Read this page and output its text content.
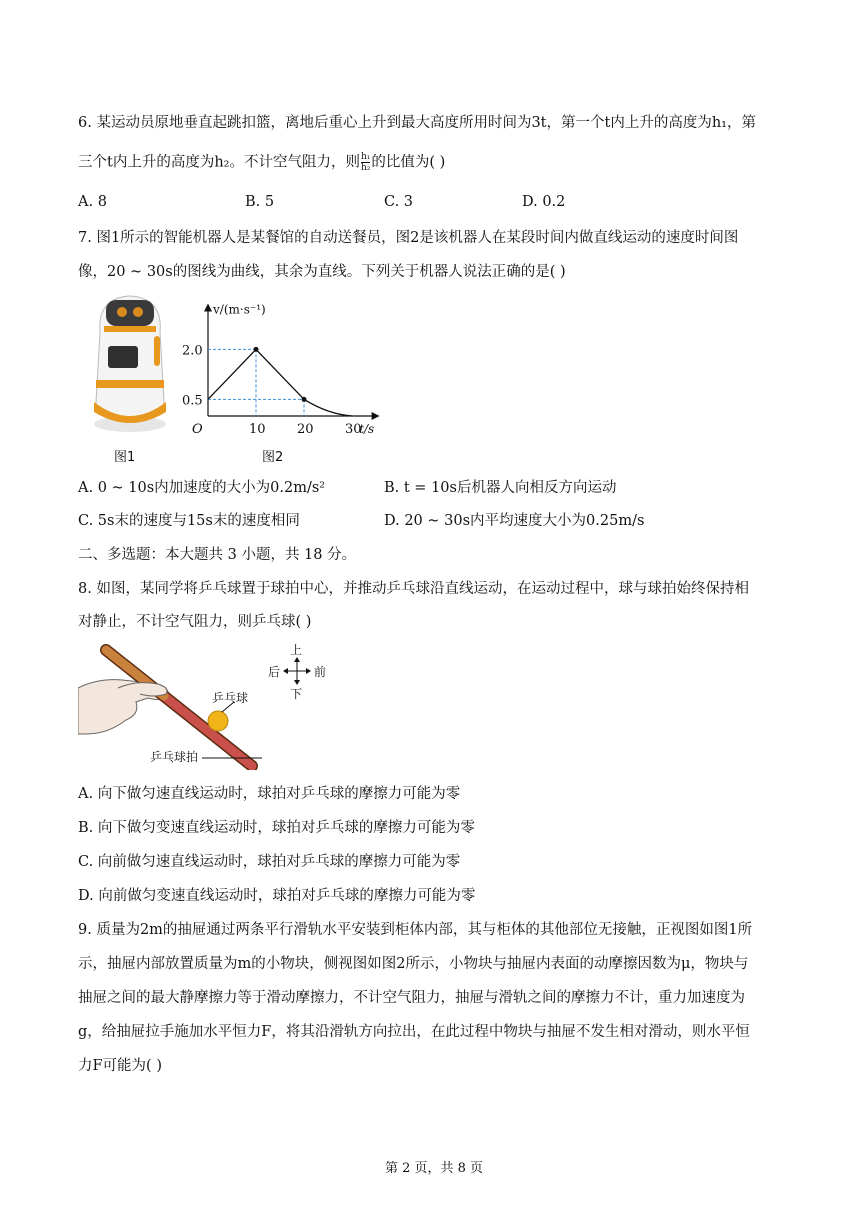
6. 某运动员原地垂直起跳扣篮，离地后重心上升到最大高度所用时间为3t，第一个t内上升的高度为h₁，第
三个t内上升的高度为h₂。不计空气阻力，则 $\frac{\text{h₁}}{\text{h₂}}$ 的比值为( )
A. 8	B. 5	C. 3	D. 0.2
7. 图1所示的智能机器人是某餐馆的自动送餐员，图2是该机器人在某段时间内做直线运动的速度时间图
像，20 ~ 30s的图线为曲线，其余为直线。下列关于机器人说法正确的是( )
图1
10 20 30
0.5
2.0
O
v/(m·s⁻¹)
t/s
图2
A. 0 ~ 10s内加速度的大小为0.2m/s²	B. t = 10s后机器人向相反方向运动
C. 5s末的速度与15s末的速度相同	D. 20 ~ 30s内平均速度大小为0.25m/s
二、多选题：本大题共 3 小题，共 18 分。
8. 如图，某同学将乒乓球置于球拍中心，并推动乒乓球沿直线运动，在运动过程中，球与球拍始终保持相
对静止，不计空气阻力，则乒乓球( )
乒乓球
乒乓球拍
上
后	前
下
A. 向下做匀速直线运动时，球拍对乒乓球的摩擦力可能为零
B. 向下做匀变速直线运动时，球拍对乒乓球的摩擦力可能为零
C. 向前做匀速直线运动时，球拍对乒乓球的摩擦力可能为零
D. 向前做匀变速直线运动时，球拍对乒乓球的摩擦力可能为零
9. 质量为2m的抽屉通过两条平行滑轨水平安装到柜体内部，其与柜体的其他部位无接触，正视图如图1所
示，抽屉内部放置质量为m的小物块，侧视图如图2所示，小物块与抽屉内表面的动摩擦因数为μ，物块与
抽屉之间的最大静摩擦力等于滑动摩擦力，不计空气阻力，抽屉与滑轨之间的摩擦力不计，重力加速度为
g，给抽屉拉手施加水平恒力F，将其沿滑轨方向拉出，在此过程中物块与抽屉不发生相对滑动，则水平恒
力F可能为( )
第 2 页，共 8 页
